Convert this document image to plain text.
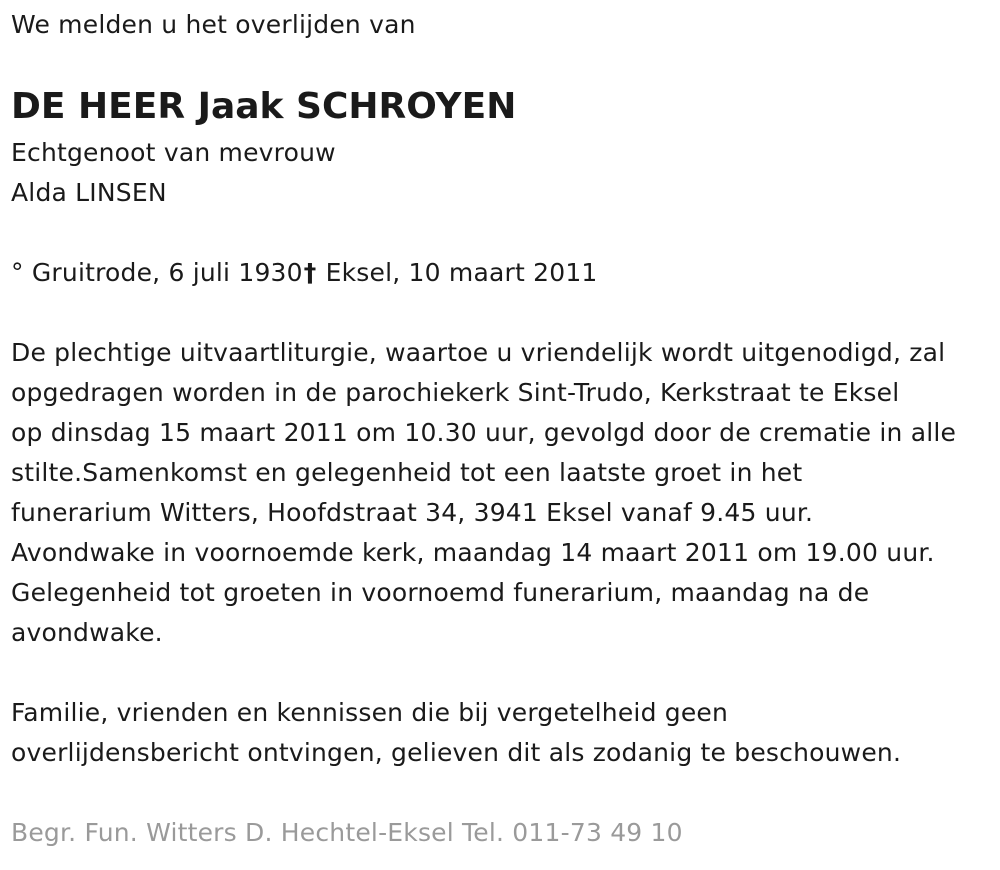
We melden u het overlijden van

DE HEER Jaak SCHROYEN
Echtgenoot van mevrouw
Alda LINSEN

° Gruitrode, 6 juli 1930† Eksel, 10 maart 2011

De plechtige uitvaartliturgie, waartoe u vriendelijk wordt uitgenodigd, zal
opgedragen worden in de parochiekerk Sint-Trudo, Kerkstraat te Eksel
op dinsdag 15 maart 2011 om 10.30 uur, gevolgd door de crematie in alle
stilte.Samenkomst en gelegenheid tot een laatste groet in het
funerarium Witters, Hoofdstraat 34, 3941 Eksel vanaf 9.45 uur.
Avondwake in voornoemde kerk, maandag 14 maart 2011 om 19.00 uur.
Gelegenheid tot groeten in voornoemd funerarium, maandag na de
avondwake.
Familie, vrienden en kennissen die bij vergetelheid geen
overlijdensbericht ontvingen, gelieven dit als zodanig te beschouwen.

Begr. Fun. Witters D. Hechtel-Eksel Tel. 011-73 49 10
